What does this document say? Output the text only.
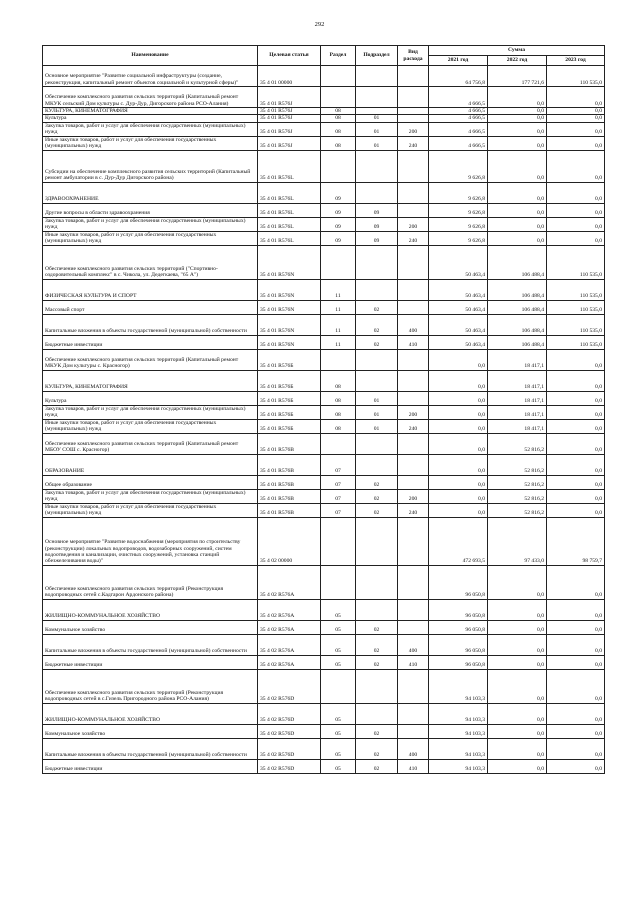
292
Наименование	Целевая статья	Раздел	Подраздел	Вид расхода	Сумма		
					2021 год	2022 год	2023 год
Основное мероприятие "Развитие социальной инфраструктуры (создание, реконструкция, капитальный ремонт объектов социальной и культурной сферы)"	35 4 01 00000				64 756,8	177 721,6	110 535,0
Обеспечение комплексного развития сельских территорий (Капитальный ремонт МКУК сельский Дом культуры с. Дур-Дур, Дигорского района РСО-Алания)	35 4 01 R576J				4 666,5	0,0	0,0
КУЛЬТУРА, КИНЕМАТОГРАФИЯ	35 4 01 R576J	08			4 666,5	0,0	0,0
Культура	35 4 01 R576J	08	01		4 666,5	0,0	0,0
Закупка товаров, работ и услуг для обеспечения государственных (муниципальных) нужд	35 4 01 R576J	08	01	200	4 666,5	0,0	0,0
Иные закупки товаров, работ и услуг для обеспечения государственных (муниципальных) нужд	35 4 01 R576J	08	01	240	4 666,5	0,0	0,0
Субсидии на обеспечение комплексного развития сельских территорий (Капитальный ремонт амбулатории в с. Дур-Дур Дигорского района)	35 4 01 R576L				9 626,8	0,0	0,0
ЗДРАВООХРАНЕНИЕ	35 4 01 R576L	09			9 626,8	0,0	0,0
Другие вопросы в области здравоохранения	35 4 01 R576L	09	09		9 626,8	0,0	0,0
Закупка товаров, работ и услуг для обеспечения государственных (муниципальных) нужд	35 4 01 R576L	09	09	200	9 626,8	0,0	0,0
Иные закупки товаров, работ и услуг для обеспечения государственных (муниципальных) нужд	35 4 01 R576L	09	09	240	9 626,8	0,0	0,0
Обеспечение комплексного развития сельских территорий ("Спортивно-оздоровительный комплекс" в с. Чикола, ул. Дедегкаева, "65 А")	35 4 01 R576N				50 463,4	106 488,4	110 535,0
ФИЗИЧЕСКАЯ КУЛЬТУРА И СПОРТ	35 4 01 R576N	11			50 463,4	106 488,4	110 535,0
Массовый спорт	35 4 01 R576N	11	02		50 463,4	106 488,4	110 535,0
Капитальные вложения в объекты государственной (муниципальной) собственности	35 4 01 R576N	11	02	400	50 463,4	106 488,4	110 535,0
Бюджетные инвестиции	35 4 01 R576N	11	02	410	50 463,4	106 488,4	110 535,0
Обеспечение комплексного развития сельских территорий (Капитальный ремонт МКУК Дом культуры с. Красногор)	35 4 01 R576Б				0,0	18 417,1	0,0
КУЛЬТУРА, КИНЕМАТОГРАФИЯ	35 4 01 R576Б	08			0,0	18 417,1	0,0
Культура	35 4 01 R576Б	08	01		0,0	18 417,1	0,0
Закупка товаров, работ и услуг для обеспечения государственных (муниципальных) нужд	35 4 01 R576Б	08	01	200	0,0	18 417,1	0,0
Иные закупки товаров, работ и услуг для обеспечения государственных (муниципальных) нужд	35 4 01 R576Б	08	01	240	0,0	18 417,1	0,0
Обеспечение комплексного развития сельских территорий (Капитальный ремонт МБОУ СОШ с. Красногор)	35 4 01 R576В				0,0	52 816,2	0,0
ОБРАЗОВАНИЕ	35 4 01 R576В	07			0,0	52 816,2	0,0
Общее образование	35 4 01 R576В	07	02		0,0	52 816,2	0,0
Закупка товаров, работ и услуг для обеспечения государственных (муниципальных) нужд	35 4 01 R576В	07	02	200	0,0	52 816,2	0,0
Иные закупки товаров, работ и услуг для обеспечения государственных (муниципальных) нужд	35 4 01 R576В	07	02	240	0,0	52 816,2	0,0
Основное мероприятие "Развитие водоснабжения (мероприятия по строительству (реконструкции) локальных водопроводов, водозаборных сооружений, систем водоотведения и канализации, очистных сооружений, установка станций обезжелезивания воды)"	35 4 02 00000				472 693,5	97 433,0	98 759,7
Обеспечение комплексного развития сельских территорий (Реконструкция водопроводных сетей с.Кадгарон Ардонского района)	35 4 02 R576A				96 050,8	0,0	0,0
ЖИЛИЩНО-КОММУНАЛЬНОЕ ХОЗЯЙСТВО	35 4 02 R576A	05			96 050,8	0,0	0,0
Коммунальное хозяйство	35 4 02 R576A	05	02		96 050,8	0,0	0,0
Капитальные вложения в объекты государственной (муниципальной) собственности	35 4 02 R576A	05	02	400	96 050,8	0,0	0,0
Бюджетные инвестиции	35 4 02 R576A	05	02	410	96 050,8	0,0	0,0
Обеспечение комплексного развития сельских территорий (Реконструкция водопроводных сетей в с.Гизель Пригородного района РСО-Алания)	35 4 02 R576D				94 103,3	0,0	0,0
ЖИЛИЩНО-КОММУНАЛЬНОЕ ХОЗЯЙСТВО	35 4 02 R576D	05			94 103,3	0,0	0,0
Коммунальное хозяйство	35 4 02 R576D	05	02		94 103,3	0,0	0,0
Капитальные вложения в объекты государственной (муниципальной) собственности	35 4 02 R576D	05	02	400	94 103,3	0,0	0,0
Бюджетные инвестиции	35 4 02 R576D	05	02	410	94 103,3	0,0	0,0
